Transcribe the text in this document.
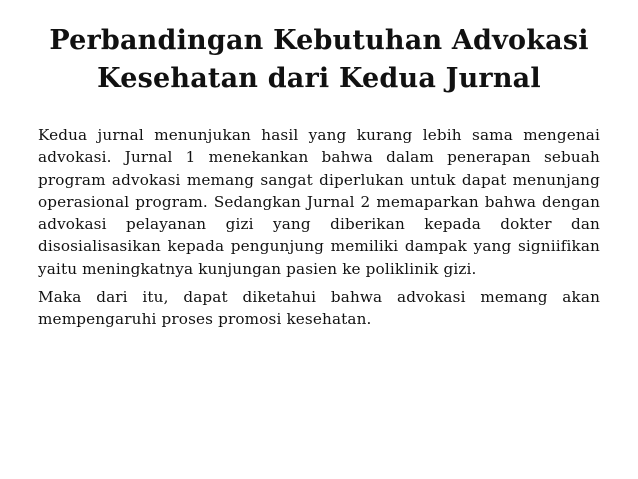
Perbandingan Kebutuhan Advokasi
Kesehatan dari Kedua Jurnal

Kedua jurnal menunjukan hasil yang kurang lebih sama mengenai advokasi. Jurnal 1 menekankan bahwa dalam penerapan sebuah program advokasi memang sangat diperlukan untuk dapat menunjang operasional program. Sedangkan Jurnal 2 memaparkan bahwa dengan advokasi pelayanan gizi yang diberikan kepada dokter dan disosialisasikan kepada pengunjung memiliki dampak yang signiifikan yaitu meningkatnya kunjungan pasien ke poliklinik gizi.

Maka dari itu, dapat diketahui bahwa advokasi memang akan mempengaruhi proses promosi kesehatan.
